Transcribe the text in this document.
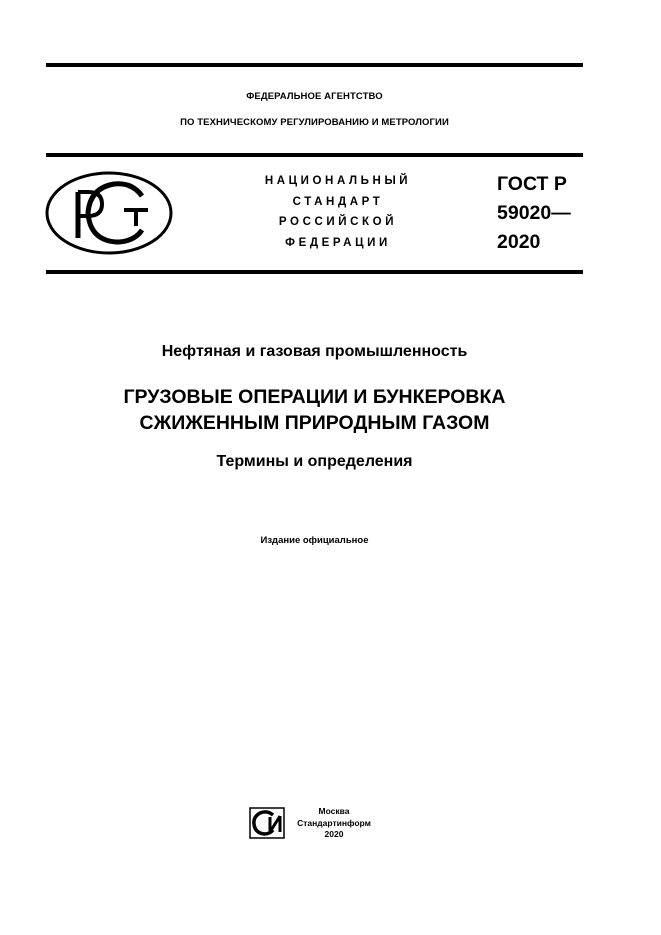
ФЕДЕРАЛЬНОЕ АГЕНТСТВО
ПО ТЕХНИЧЕСКОМУ РЕГУЛИРОВАНИЮ И МЕТРОЛОГИИ
НАЦИОНАЛЬНЫЙ
СТАНДАРТ
РОССИЙСКОЙ
ФЕДЕРАЦИИ
ГОСТ Р
59020—
2020
Нефтяная и газовая промышленность
ГРУЗОВЫЕ ОПЕРАЦИИ И БУНКЕРОВКА
СЖИЖЕННЫМ ПРИРОДНЫМ ГАЗОМ
Термины и определения
Издание официальное
Москва
Стандартинформ
2020
